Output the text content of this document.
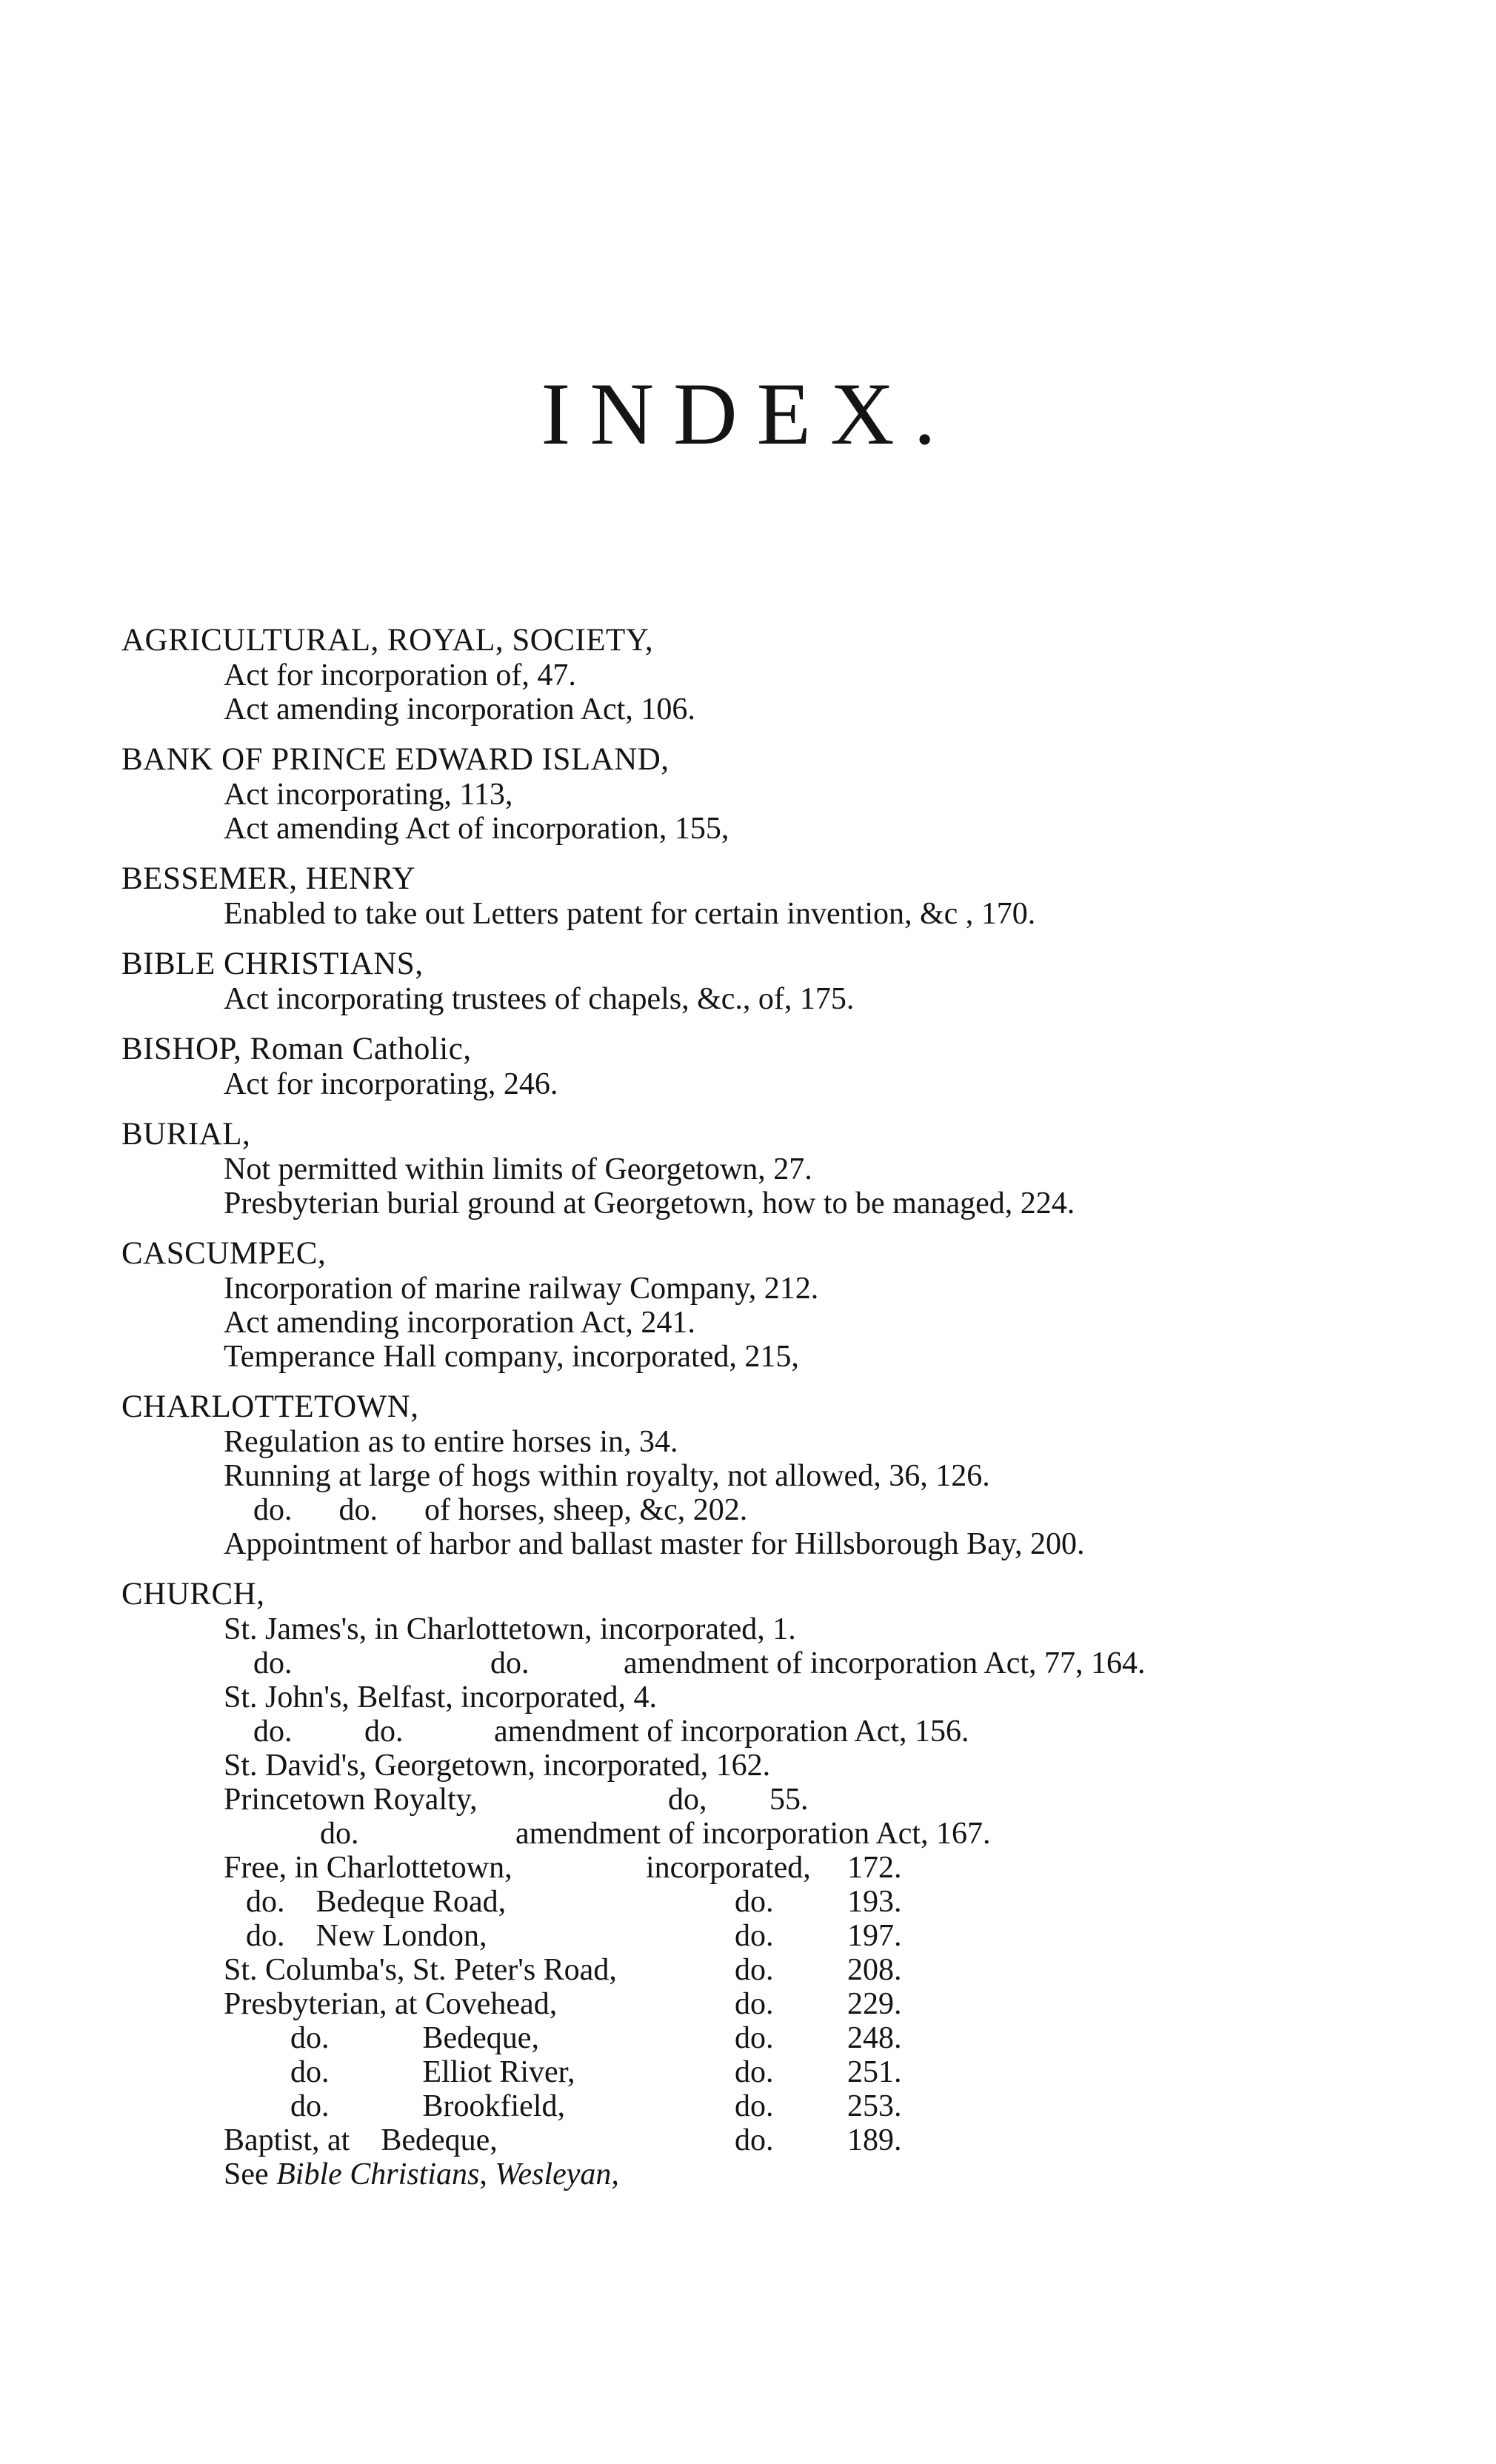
INDEX.
AGRICULTURAL, ROYAL, SOCIETY,
Act for incorporation of, 47.
Act amending incorporation Act, 106.
BANK OF PRINCE EDWARD ISLAND,
Act incorporating, 113,
Act amending Act of incorporation, 155,
BESSEMER, HENRY
Enabled to take out Letters patent for certain invention, &c , 170.
BIBLE CHRISTIANS,
Act incorporating trustees of chapels, &c., of, 175.
BISHOP, Roman Catholic,
Act for incorporating, 246.
BURIAL,
Not permitted within limits of Georgetown, 27.
Presbyterian burial ground at Georgetown, how to be managed, 224.
CASCUMPEC,
Incorporation of marine railway Company, 212.
Act amending incorporation Act, 241.
Temperance Hall company, incorporated, 215,
CHARLOTTETOWN,
Regulation as to entire horses in, 34.
Running at large of hogs within royalty, not allowed, 36, 126.
do.      do.      of horses, sheep, &c, 202.
Appointment of harbor and ballast master for Hillsborough Bay, 200.
CHURCH,
St. James's, in Charlottetown, incorporated, 1.
do.	do.	amendment of incorporation Act, 77, 164.
St. John's, Belfast, incorporated, 4.
do.	do.	amendment of incorporation Act, 156.
St. David's, Georgetown, incorporated, 162.
Princetown Royalty,	do,	55.
do.	amendment of incorporation Act, 167.
Free, in Charlottetown,	incorporated,	172.
do.    Bedeque Road,	do.	193.
do.    New London,	do.	197.
St. Columba's, St. Peter's Road,	do.	208.
Presbyterian, at Covehead,	do.	229.
do.            Bedeque,	do.	248.
do.            Elliot River,	do.	251.
do.            Brookfield,	do.	253.
Baptist, at    Bedeque,	do.	189.
See Bible Christians, Wesleyan,
